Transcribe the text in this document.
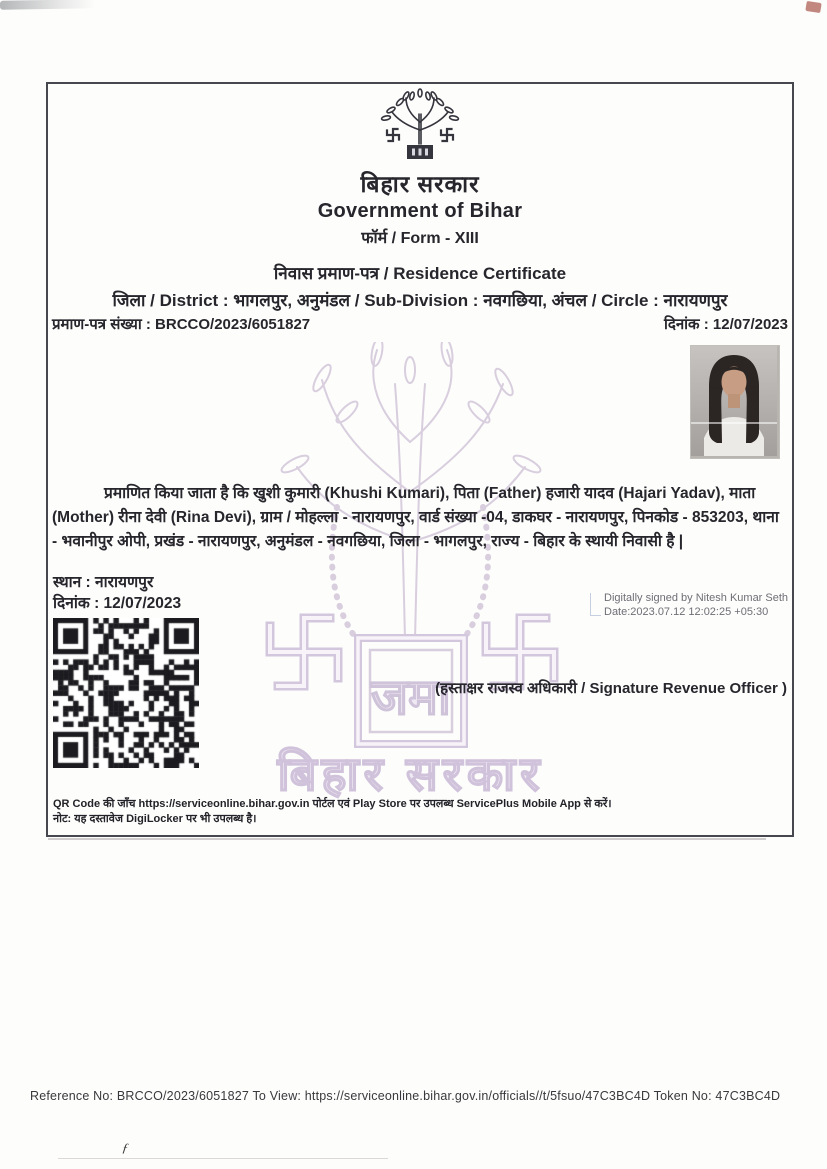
जमा
बिहार सरकार
बिहार सरकार
Government of Bihar
फॉर्म / Form - XIII
निवास प्रमाण-पत्र / Residence Certificate
जिला / District : भागलपुर, अनुमंडल / Sub-Division : नवगछिया, अंचल / Circle : नारायणपुर
प्रमाण-पत्र संख्या : BRCCO/2023/6051827	दिनांक : 12/07/2023

प्रमाणित किया जाता है कि खुशी कुमारी (Khushi Kumari), पिता (Father) हजारी यादव (Hajari Yadav), माता (Mother) रीना देवी (Rina Devi), ग्राम / मोहल्ला - नारायणपुर, वार्ड संख्या -04, डाकघर - नारायणपुर, पिनकोड - 853203, थाना - भवानीपुर ओपी, प्रखंड - नारायणपुर, अनुमंडल - नवगछिया, जिला - भागलपुर, राज्य - बिहार के स्थायी निवासी है |

स्थान : नारायणपुर
दिनांक : 12/07/2023	Digitally signed by Nitesh Kumar Seth
Date:2023.07.12 12:02:25 +05:30
(हस्ताक्षर राजस्व अधिकारी / Signature Revenue Officer )
QR Code की जाँच https://serviceonline.bihar.gov.in पोर्टल एवं Play Store पर उपलब्ध ServicePlus Mobile App से करें।
नोट: यह दस्तावेज DigiLocker पर भी उपलब्ध है।
Reference No: BRCCO/2023/6051827 To View: https://serviceonline.bihar.gov.in/officials//t/5fsuo/47C3BC4D Token No: 47C3BC4D
ƒ
